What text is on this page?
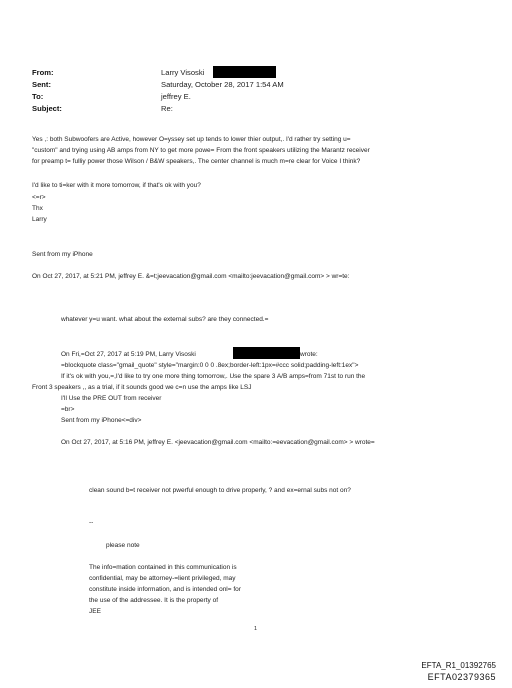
From:	Larry Visoski
Sent:	Saturday, October 28, 2017 1:54 AM
To:	jeffrey E.
Subject:	Re:
Yes ,: both Subwoofers are Active, however O=yssey set up tends to lower thier output,. I'd rather try setting u=
"custom" and trying using AB amps from NY to get more powe= From the front speakers utilizing the Marantz receiver
for preamp t= fulliy power those Wilson / B&W speakers,. The center channel is much m=re clear for Voice I think?
I'd like to ti=ker with it more tomorrow, if that's ok with you?
<=r>
Thx
Larry
Sent from my iPhone
On Oct 27, 2017, at 5:21 PM, jeffrey E. &=t;jeevacation@gmail.com <mailto:jeevacation@gmail.com> > wr=te:
whatever y=u want. what about the external subs? are they connected.=
On Fri,=Oct 27, 2017 at 5:19 PM, Larry Visoski	wrote:
=blockquote class="gmail_quote" style="margin:0 0 0 .8ex;border-left:1px=#ccc solid;padding-left:1ex">
If it's ok with you,=,I'd like to try one more thing tomorrow,. Use the spare 3 A/B amps=from 71st to run the
Front 3 speakers ,, as a trial, if it sounds good we c=n use the amps like LSJ
I'll Use the PRE OUT from receiver
=br>
Sent from my iPhone<=div>
On Oct 27, 2017, at 5:16 PM, jeffrey E. <jeevacation@gmail.com <mailto:=eevacation@gmail.com> > wrote=
clean sound b=t receiver not pwerful enough to drive properly, ? and ex=ernal subs not on?
--
please note
The info=mation contained in this communication is
confidential, may be attorney-=lient privileged, may
constitute inside information, and is intended onl= for
the use of the addressee. It is the property of
JEE
1
EFTA_R1_01392765
EFTA02379365
